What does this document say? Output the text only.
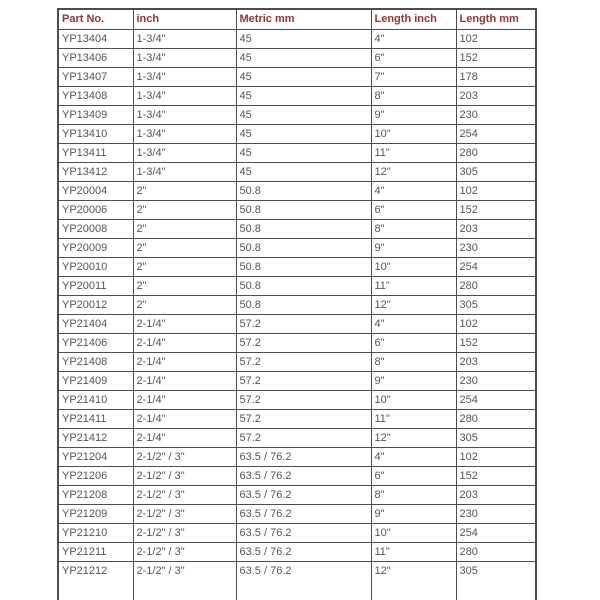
Part No.	inch	Metric mm	Length inch	Length mm
YP13404	1-3/4"	45	4"	102
YP13406	1-3/4"	45	6"	152
YP13407	1-3/4"	45	7"	178
YP13408	1-3/4"	45	8"	203
YP13409	1-3/4"	45	9"	230
YP13410	1-3/4"	45	10"	254
YP13411	1-3/4"	45	11"	280
YP13412	1-3/4"	45	12"	305
YP20004	2"	50.8	4"	102
YP20006	2"	50.8	6"	152
YP20008	2"	50.8	8"	203
YP20009	2"	50.8	9"	230
YP20010	2"	50.8	10"	254
YP20011	2"	50.8	11"	280
YP20012	2"	50.8	12"	305
YP21404	2-1/4"	57.2	4"	102
YP21406	2-1/4"	57.2	6"	152
YP21408	2-1/4"	57.2	8"	203
YP21409	2-1/4"	57.2	9"	230
YP21410	2-1/4"	57.2	10"	254
YP21411	2-1/4"	57.2	11"	280
YP21412	2-1/4"	57.2	12"	305
YP21204	2-1/2" / 3"	63.5 / 76.2	4"	102
YP21206	2-1/2" / 3"	63.5 / 76.2	6"	152
YP21208	2-1/2" / 3"	63.5 / 76.2	8"	203
YP21209	2-1/2" / 3"	63.5 / 76.2	9"	230
YP21210	2-1/2" / 3"	63.5 / 76.2	10"	254
YP21211	2-1/2" / 3"	63.5 / 76.2	11"	280
YP21212	2-1/2" / 3"	63.5 / 76.2	12"	305
